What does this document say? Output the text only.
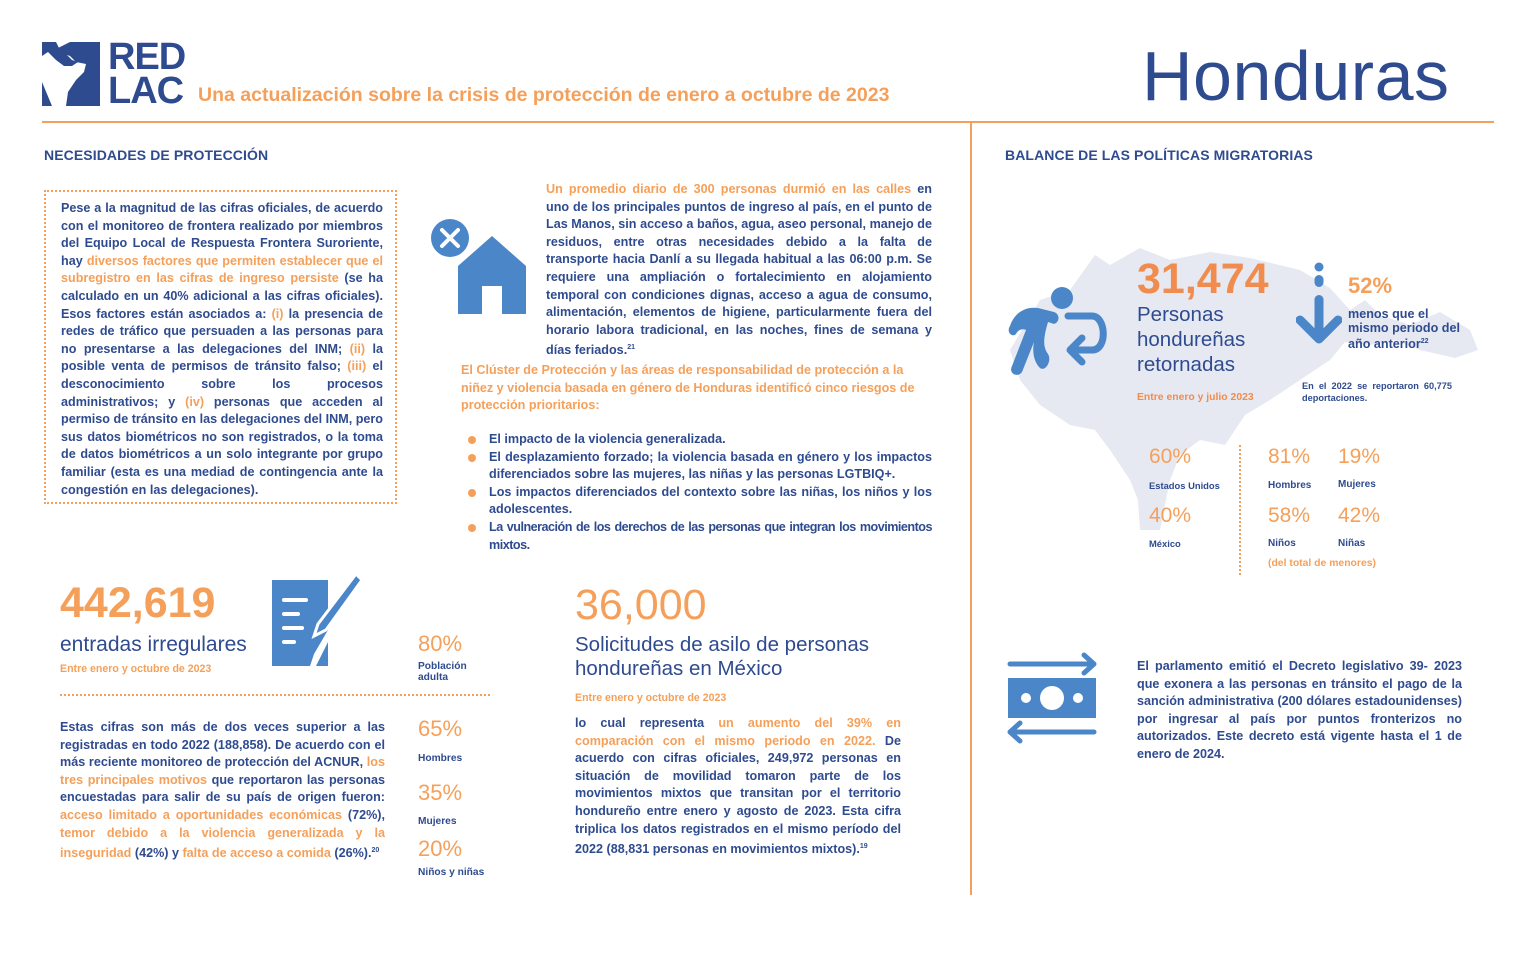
RED
LAC Una actualización sobre la crisis de protección de enero a octubre de 2023	Honduras
NECESIDADES DE PROTECCIÓN

Pese a la magnitud de las cifras oficiales, de acuerdo con el monitoreo de frontera realizado por miembros del Equipo Local de Respuesta Frontera Suroriente, hay diversos factores que permiten establecer que el subregistro en las cifras de ingreso persiste (se ha calculado en un 40% adicional a las cifras oficiales). Esos factores están asociados a: (i) la presencia de redes de tráfico que persuaden a las personas para no presentarse a las delegaciones del INM; (ii) la posible venta de permisos de tránsito falso; (iii) el desconocimiento sobre los procesos administrativos; y (iv) personas que acceden al permiso de tránsito en las delegaciones del INM, pero sus datos biométricos no son registrados, o la toma de datos biométricos a un solo integrante por grupo familiar (esta es una mediad de contingencia ante la congestión en las delegaciones).

Un promedio diario de 300 personas durmió en las calles en uno de los principales puntos de ingreso al país, en el punto de Las Manos, sin acceso a baños, agua, aseo personal, manejo de residuos, entre otras necesidades debido a la falta de transporte hacia Danlí a su llegada habitual a las 06:00 p.m. Se requiere una ampliación o fortalecimiento en alojamiento temporal con condiciones dignas, acceso a agua de consumo, alimentación, elementos de higiene, particularmente fuera del horario labora tradicional, en las noches, fines de semana y días feriados.$^{21}$

El Clúster de Protección y las áreas de responsabilidad de protección a la niñez y violencia basada en género de Honduras identificó cinco riesgos de protección prioritarios:

El impacto de la violencia generalizada.
El desplazamiento forzado; la violencia basada en género y los impactos diferenciados sobre las mujeres, las niñas y las personas LGTBIQ+.
Los impactos diferenciados del contexto sobre las niñas, los niños y los adolescentes.
La vulneración de los derechos de las personas que integran los movimientos mixtos.
442,619
entradas irregulares
Entre enero y octubre de 2023
80%
Población adulta
65%
Hombres
35%
Mujeres
20%
Niños y niñas

Estas cifras son más de dos veces superior a las registradas en todo 2022 (188,858). De acuerdo con el más reciente monitoreo de protección del ACNUR, los tres principales motivos que reportaron las personas encuestadas para salir de su país de origen fueron: acceso limitado a oportunidades económicas (72%), temor debido a la violencia generalizada y la inseguridad (42%) y falta de acceso a comida (26%).$^{20}$

36,000
Solicitudes de asilo de personas hondureñas en México
Entre enero y octubre de 2023

lo cual representa un aumento del 39% en comparación con el mismo periodo en 2022. De acuerdo con cifras oficiales, 249,972 personas en situación de movilidad tomaron parte de los movimientos mixtos que transitan por el territorio hondureño entre enero y agosto de 2023. Esta cifra triplica los datos registrados en el mismo período del 2022 (88,831 personas en movimientos mixtos).$^{19}$

BALANCE DE LAS POLÍTICAS MIGRATORIAS
31,474
Personas hondureñas retornadas
Entre enero y julio 2023
52%
menos que el mismo periodo del año anterior$^{22}$
En el 2022 se reportaron 60,775 deportaciones.
60%
Estados Unidos
40%
México
81%
Hombres
19%
Mujeres
58%
Niños
42%
Niñas
(del total de menores)

El parlamento emitió el Decreto legislativo 39- 2023 que exonera a las personas en tránsito el pago de la sanción administrativa (200 dólares estadounidenses) por ingresar al país por puntos fronterizos no autorizados. Este decreto está vigente hasta el 1 de enero de 2024.
